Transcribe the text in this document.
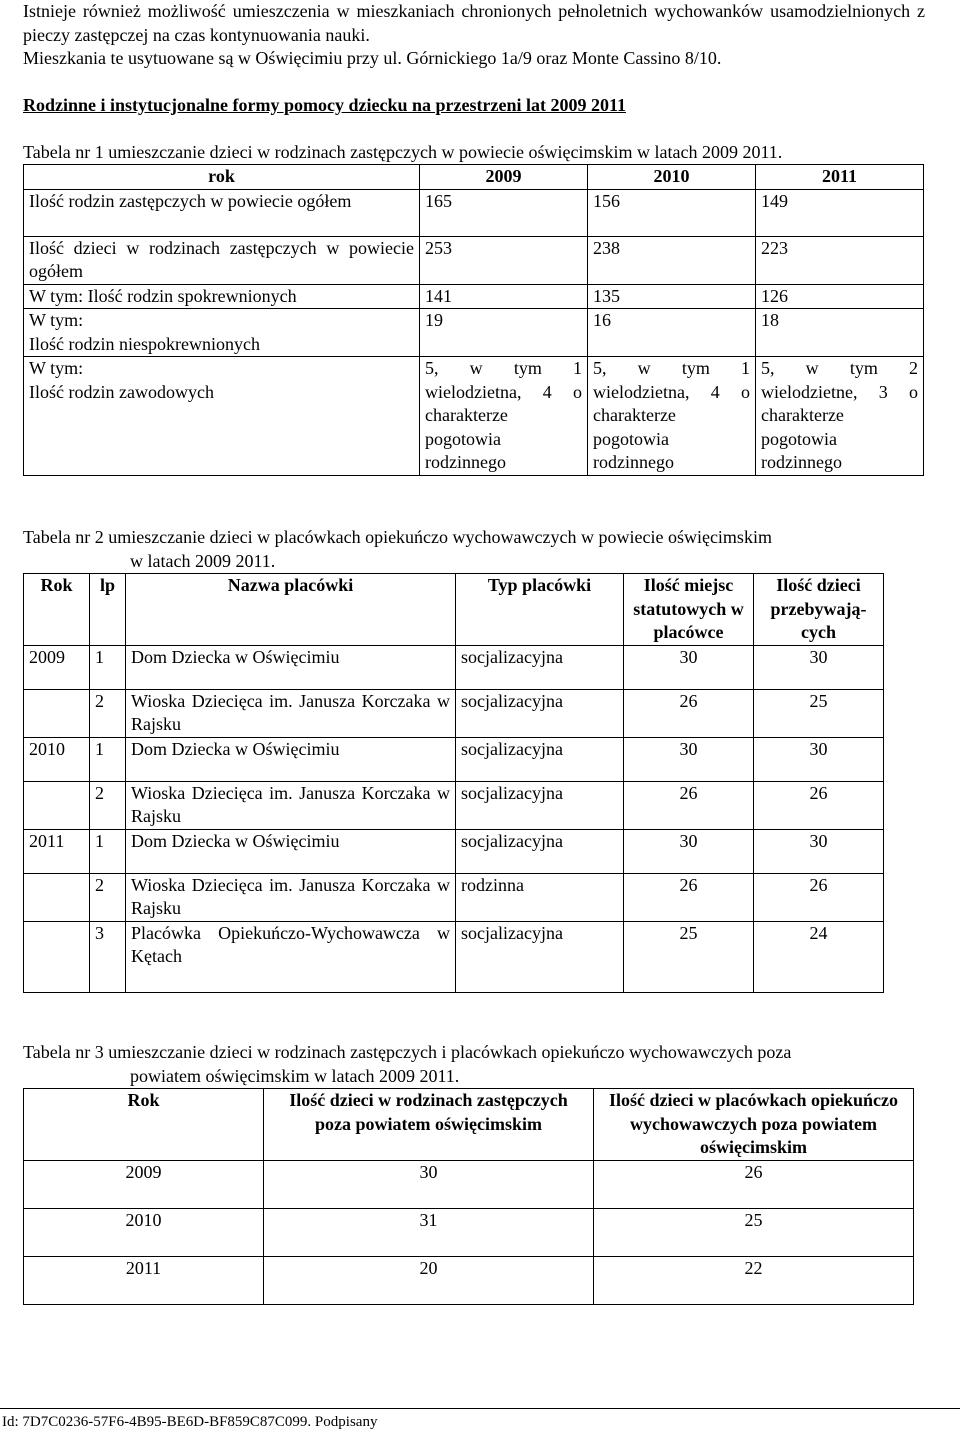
Istnieje również możliwość umieszczenia w mieszkaniach chronionych pełnoletnich wychowanków usamodzielnionych z pieczy zastępczej na czas kontynuowania nauki.

Mieszkania te usytuowane są w Oświęcimiu przy ul. Górnickiego 1a/9 oraz Monte Cassino 8/10.

Rodzinne i instytucjonalne formy pomocy dziecku na przestrzeni lat 2009 2011
Tabela nr 1 umieszczanie dzieci w rodzinach zastępczych w powiecie oświęcimskim w latach 2009 2011.
rok	2009	2010	2011
Ilość rodzin zastępczych w powiecie ogółem	165	156	149
Ilość dzieci w rodzinach zastępczych w powiecie ogółem	253	238	223
W tym: Ilość rodzin spokrewnionych	141	135	126
W tym:
Ilość rodzin niespokrewnionych	19	16	18
W tym:
Ilość rodzin zawodowych	5, w tym 1 wielodzietna, 4 o charakterze pogotowia rodzinnego	5, w tym 1 wielodzietna, 4 o charakterze pogotowia rodzinnego	5, w tym 2 wielodzietne, 3 o charakterze pogotowia rodzinnego
Tabela nr 2 umieszczanie dzieci w placówkach opiekuńczo wychowawczych w powiecie oświęcimskim
w latach 2009 2011.
Rok	lp	Nazwa placówki	Typ placówki	Ilość miejsc statutowych w placówce	Ilość dzieci przebywają-cych
2009	1	Dom Dziecka w Oświęcimiu	socjalizacyjna	30	30
	2	Wioska Dziecięca im. Janusza Korczaka w Rajsku	socjalizacyjna	26	25
2010	1	Dom Dziecka w Oświęcimiu	socjalizacyjna	30	30
	2	Wioska Dziecięca im. Janusza Korczaka w Rajsku	socjalizacyjna	26	26
2011	1	Dom Dziecka w Oświęcimiu	socjalizacyjna	30	30
	2	Wioska Dziecięca im. Janusza Korczaka w Rajsku	rodzinna	26	26
	3	Placówka Opiekuńczo-Wychowawcza w Kętach	socjalizacyjna	25	24
Tabela nr 3 umieszczanie dzieci w rodzinach zastępczych i placówkach opiekuńczo wychowawczych poza
powiatem oświęcimskim w latach 2009 2011.
Rok	Ilość dzieci w rodzinach zastępczych poza powiatem oświęcimskim	Ilość dzieci w placówkach opiekuńczo wychowawczych poza powiatem oświęcimskim
2009	30	26
2010	31	25
2011	20	22
Id: 7D7C0236-57F6-4B95-BE6D-BF859C87C099. Podpisany
